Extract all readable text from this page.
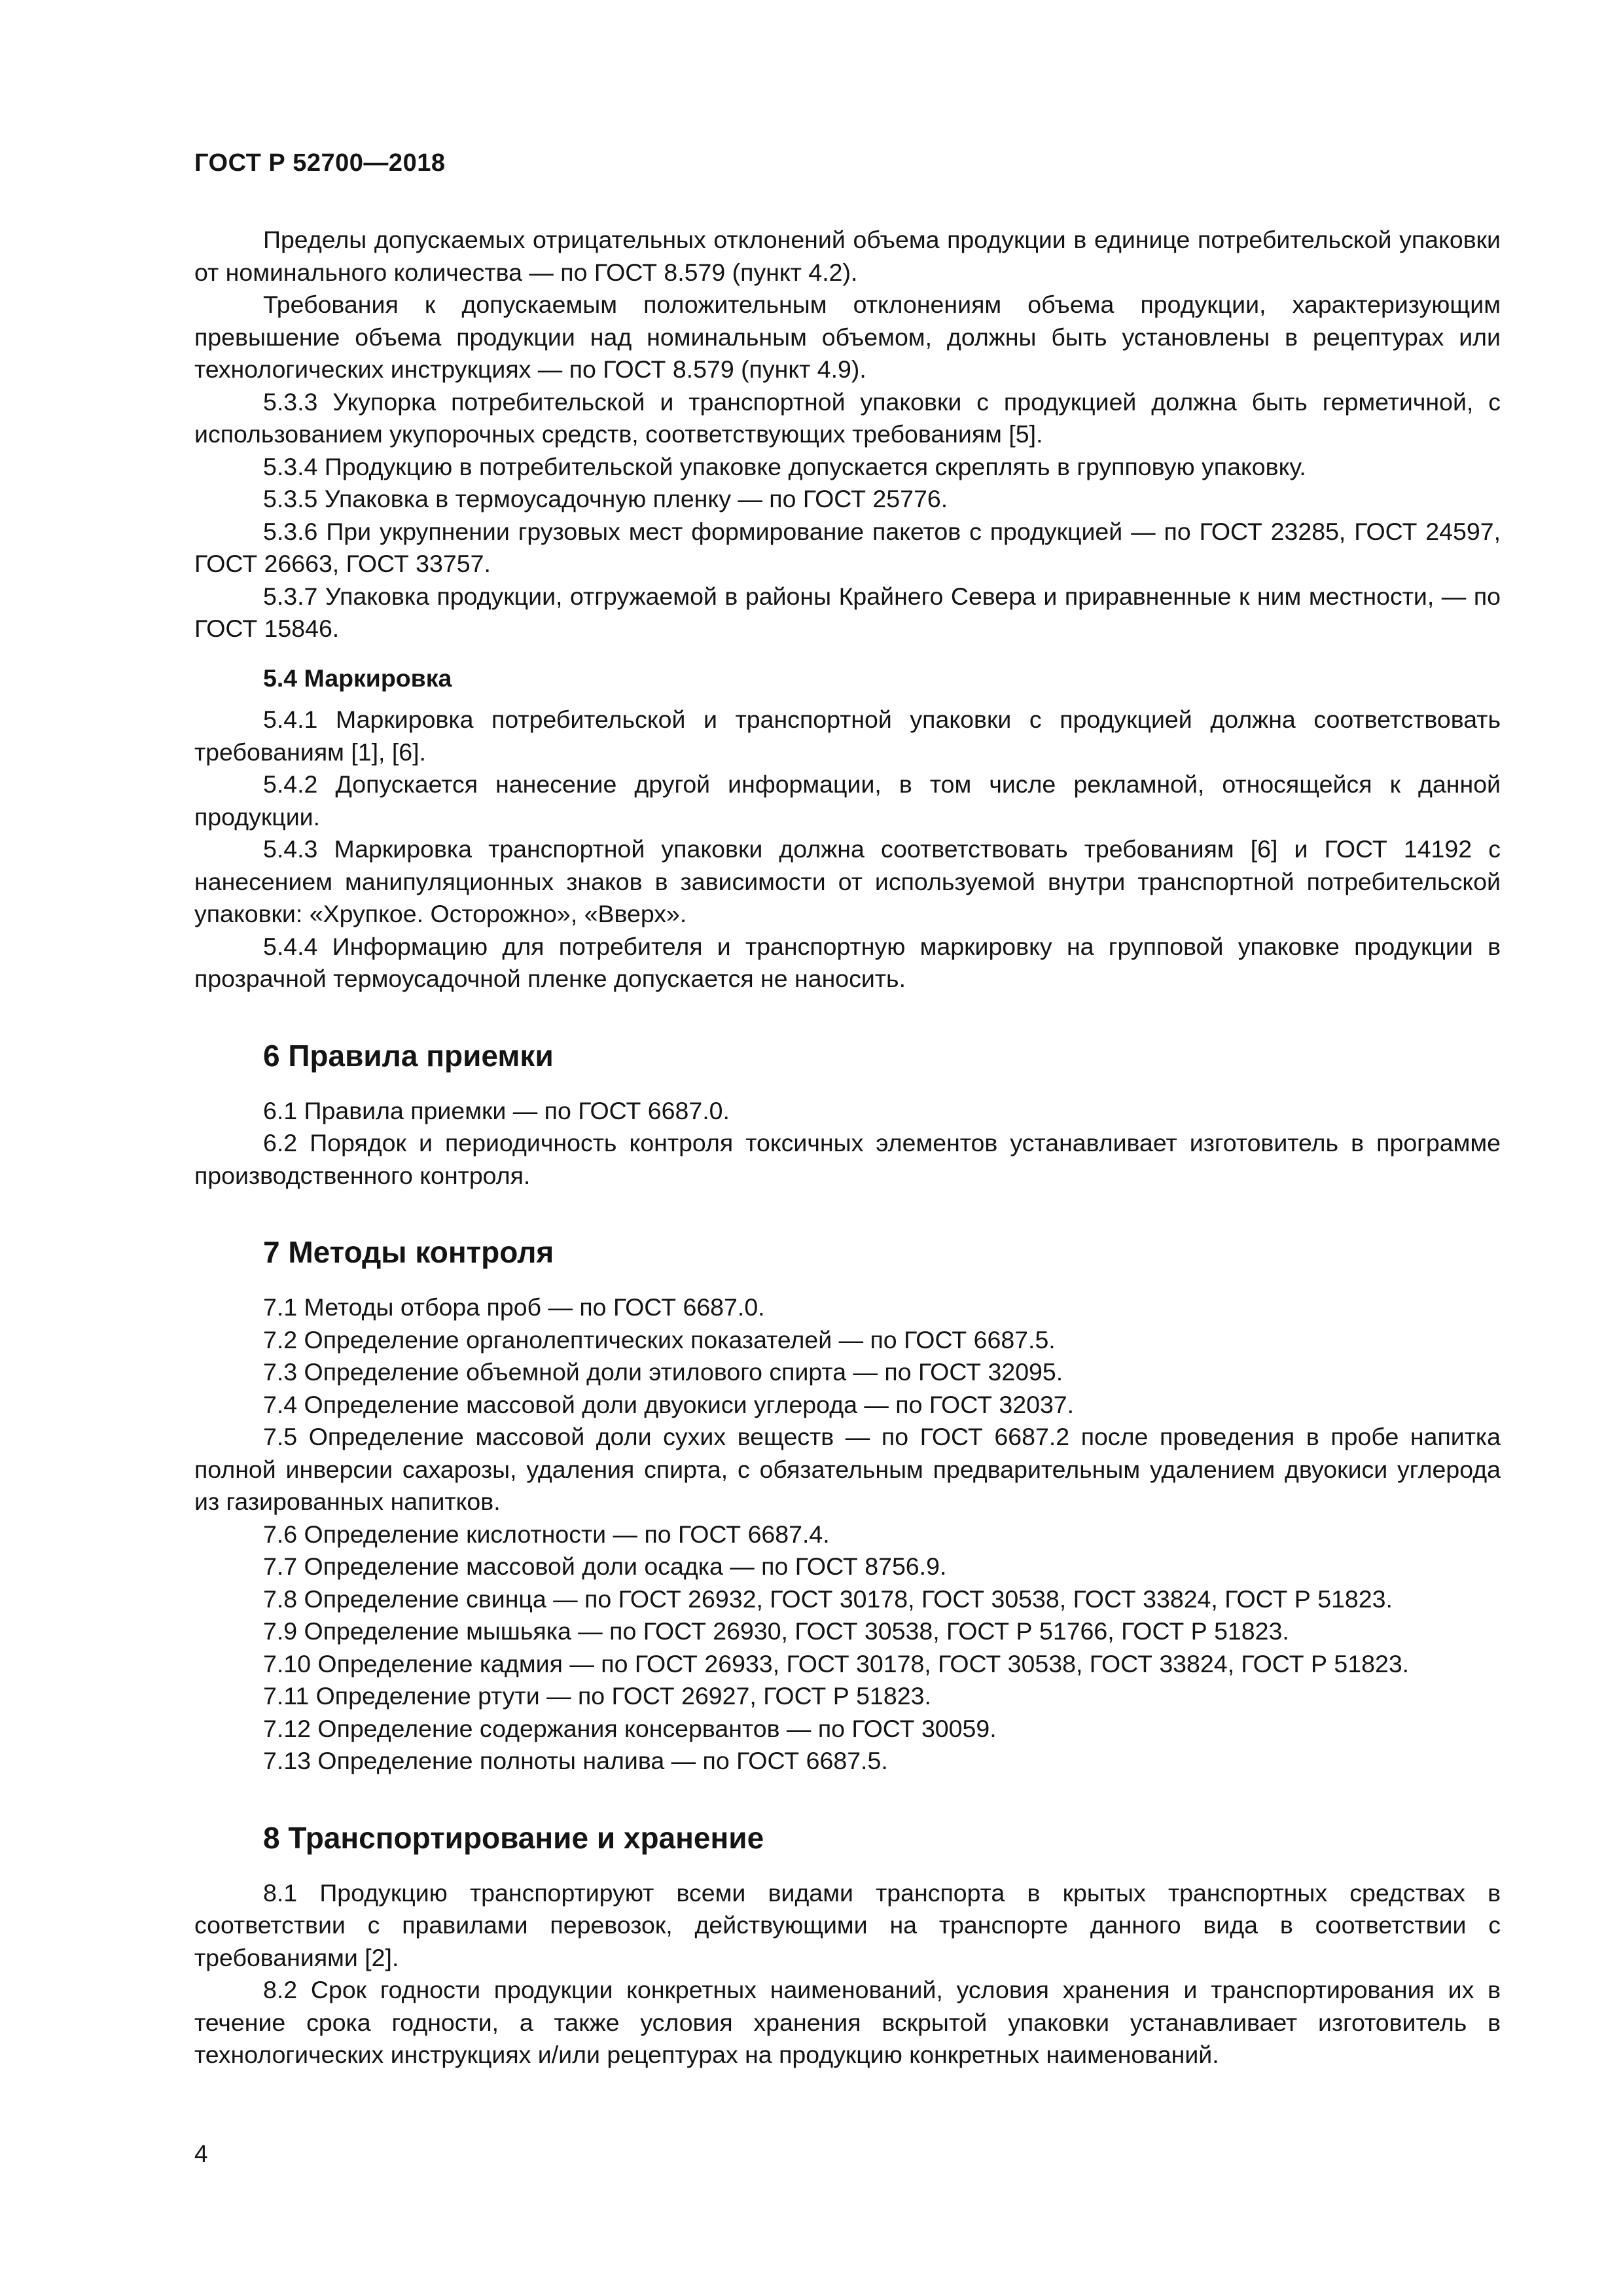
ГОСТ Р 52700—2018

Пределы допускаемых отрицательных отклонений объема продукции в единице потребительской упаковки от номинального количества — по ГОСТ 8.579 (пункт 4.2).

Требования к допускаемым положительным отклонениям объема продукции, характеризующим превышение объема продукции над номинальным объемом, должны быть установлены в рецептурах или технологических инструкциях — по ГОСТ 8.579 (пункт 4.9).

5.3.3 Укупорка потребительской и транспортной упаковки с продукцией должна быть герметичной, с использованием укупорочных средств, соответствующих требованиям [5].

5.3.4 Продукцию в потребительской упаковке допускается скреплять в групповую упаковку.

5.3.5 Упаковка в термоусадочную пленку — по ГОСТ 25776.

5.3.6 При укрупнении грузовых мест формирование пакетов с продукцией — по ГОСТ 23285, ГОСТ 24597, ГОСТ 26663, ГОСТ 33757.

5.3.7 Упаковка продукции, отгружаемой в районы Крайнего Севера и приравненные к ним местности, — по ГОСТ 15846.

5.4 Маркировка

5.4.1 Маркировка потребительской и транспортной упаковки с продукцией должна соответствовать требованиям [1], [6].

5.4.2 Допускается нанесение другой информации, в том числе рекламной, относящейся к данной продукции.

5.4.3 Маркировка транспортной упаковки должна соответствовать требованиям [6] и ГОСТ 14192 с нанесением манипуляционных знаков в зависимости от используемой внутри транспортной потребительской упаковки: «Хрупкое. Осторожно», «Вверх».

5.4.4 Информацию для потребителя и транспортную маркировку на групповой упаковке продукции в прозрачной термоусадочной пленке допускается не наносить.

6 Правила приемки

6.1 Правила приемки — по ГОСТ 6687.0.

6.2 Порядок и периодичность контроля токсичных элементов устанавливает изготовитель в программе производственного контроля.

7 Методы контроля

7.1 Методы отбора проб — по ГОСТ 6687.0.

7.2 Определение органолептических показателей — по ГОСТ 6687.5.

7.3 Определение объемной доли этилового спирта — по ГОСТ 32095.

7.4 Определение массовой доли двуокиси углерода — по ГОСТ 32037.

7.5 Определение массовой доли сухих веществ — по ГОСТ 6687.2 после проведения в пробе напитка полной инверсии сахарозы, удаления спирта, с обязательным предварительным удалением двуокиси углерода из газированных напитков.

7.6 Определение кислотности — по ГОСТ 6687.4.

7.7 Определение массовой доли осадка — по ГОСТ 8756.9.

7.8 Определение свинца — по ГОСТ 26932, ГОСТ 30178, ГОСТ 30538, ГОСТ 33824, ГОСТ Р 51823.

7.9 Определение мышьяка — по ГОСТ 26930, ГОСТ 30538, ГОСТ Р 51766, ГОСТ Р 51823.

7.10 Определение кадмия — по ГОСТ 26933, ГОСТ 30178, ГОСТ 30538, ГОСТ 33824, ГОСТ Р 51823.

7.11 Определение ртути — по ГОСТ 26927, ГОСТ Р 51823.

7.12 Определение содержания консервантов — по ГОСТ 30059.

7.13 Определение полноты налива — по ГОСТ 6687.5.

8 Транспортирование и хранение

8.1 Продукцию транспортируют всеми видами транспорта в крытых транспортных средствах в соответствии с правилами перевозок, действующими на транспорте данного вида в соответствии с требованиями [2].

8.2 Срок годности продукции конкретных наименований, условия хранения и транспортирования их в течение срока годности, а также условия хранения вскрытой упаковки устанавливает изготовитель в технологических инструкциях и/или рецептурах на продукцию конкретных наименований.

4
